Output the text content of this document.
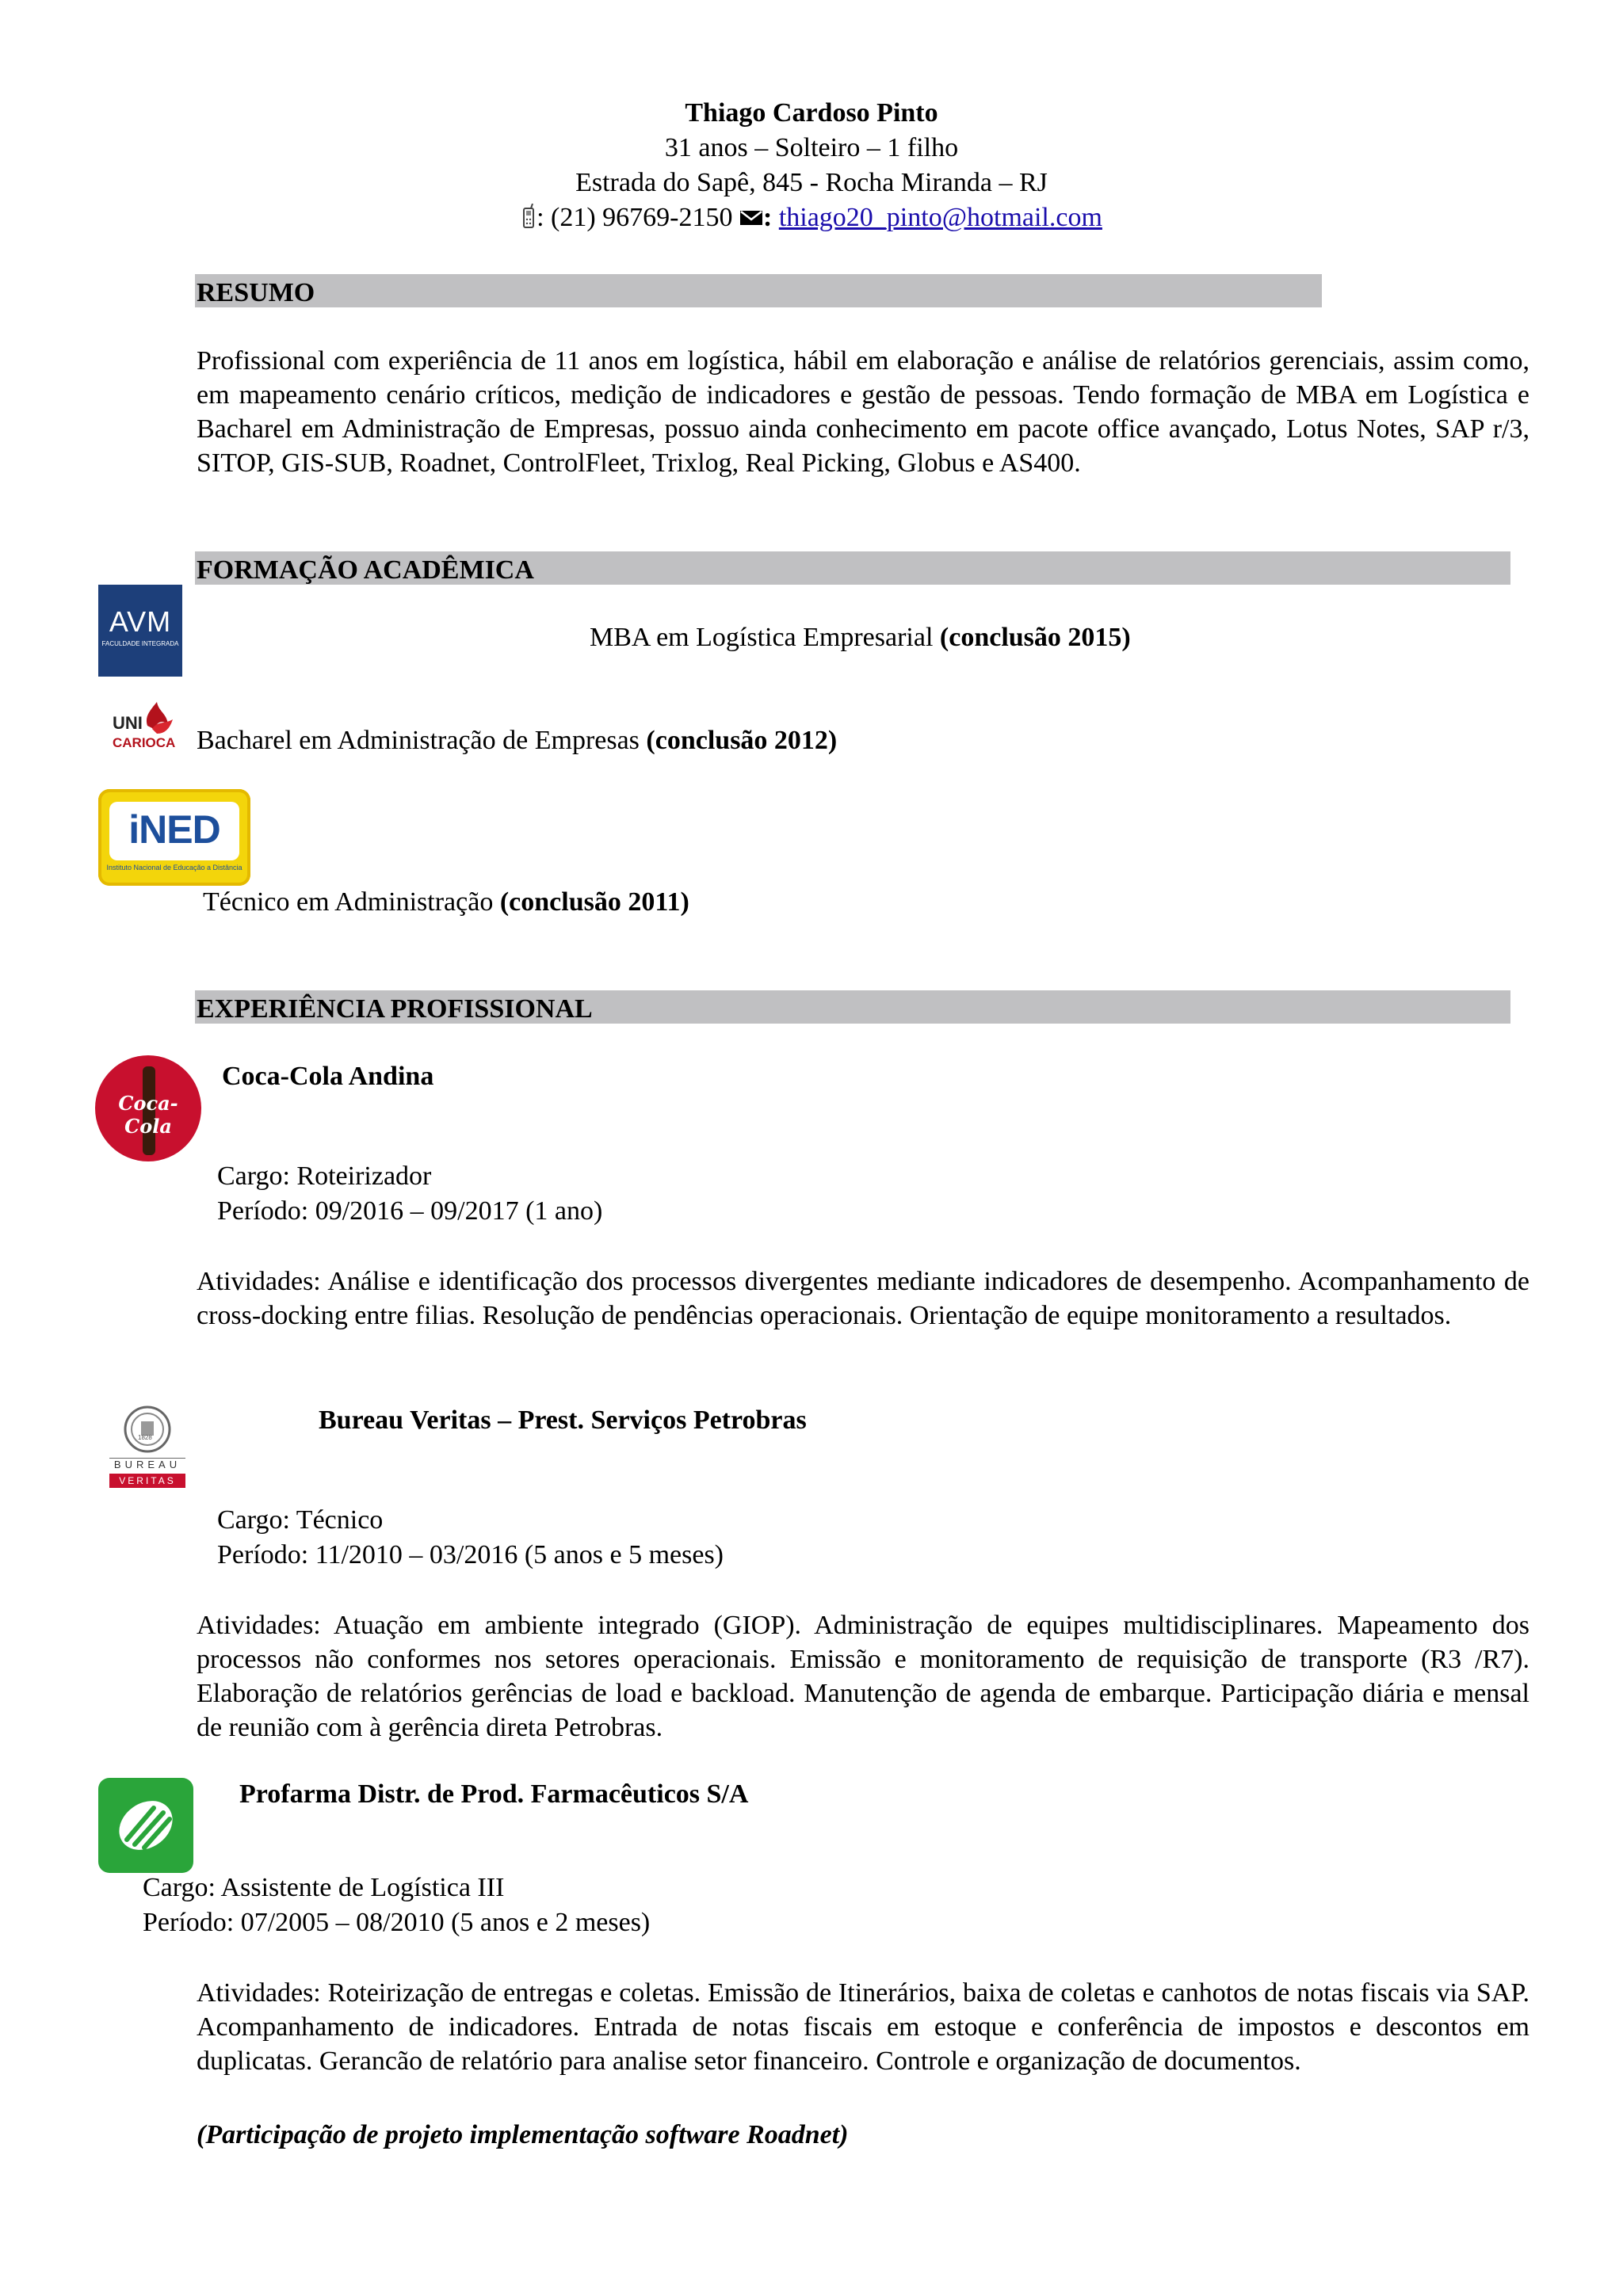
Thiago Cardoso Pinto
31 anos – Solteiro – 1 filho
Estrada do Sapê, 845 - Rocha Miranda – RJ
: (21) 96769-2150 : thiago20_pinto@hotmail.com
RESUMO
Profissional com experiência de 11 anos em logística, hábil em elaboração e análise de relatórios gerenciais, assim como, em mapeamento cenário críticos, medição de indicadores e gestão de pessoas. Tendo formação de MBA em Logística e Bacharel em Administração de Empresas, possuo ainda conhecimento em pacote office avançado, Lotus Notes, SAP r/3, SITOP, GIS-SUB, Roadnet, ControlFleet, Trixlog, Real Picking, Globus e AS400.
FORMAÇÃO ACADÊMICA
AVM
FACULDADE INTEGRADA	MBA em Logística Empresarial (conclusão 2015)
UNI
CARIOCA Bacharel em Administração de Empresas (conclusão 2012)
iNED
Instituto Nacional de Educação a Distância
Técnico em Administração (conclusão 2011)
EXPERIÊNCIA PROFISSIONAL
Coca-Cola
Coca-Cola Andina
Cargo: Roteirizador
Período: 09/2016 – 09/2017 (1 ano)
Atividades: Análise e identificação dos processos divergentes mediante indicadores de desempenho. Acompanhamento de cross-docking entre filias. Resolução de pendências operacionais. Orientação de equipe monitoramento a resultados.
1828
BUREAU
VERITAS
Bureau Veritas – Prest. Serviços Petrobras
Cargo: Técnico
Período: 11/2010 – 03/2016 (5 anos e 5 meses)
Atividades: Atuação em ambiente integrado (GIOP). Administração de equipes multidisciplinares. Mapeamento dos processos não conformes nos setores operacionais. Emissão e monitoramento de requisição de transporte (R3 /R7). Elaboração de relatórios gerências de load e backload. Manutenção de agenda de embarque. Participação diária e mensal de reunião com à gerência direta Petrobras.
Profarma Distr. de Prod. Farmacêuticos S/A
Cargo: Assistente de Logística III
Período: 07/2005 – 08/2010 (5 anos e 2 meses)
Atividades: Roteirização de entregas e coletas. Emissão de Itinerários, baixa de coletas e canhotos de notas fiscais via SAP. Acompanhamento de indicadores. Entrada de notas fiscais em estoque e conferência de impostos e descontos em duplicatas. Gerancão de relatório para analise setor financeiro. Controle e organização de documentos.
(Participação de projeto implementação software Roadnet)
